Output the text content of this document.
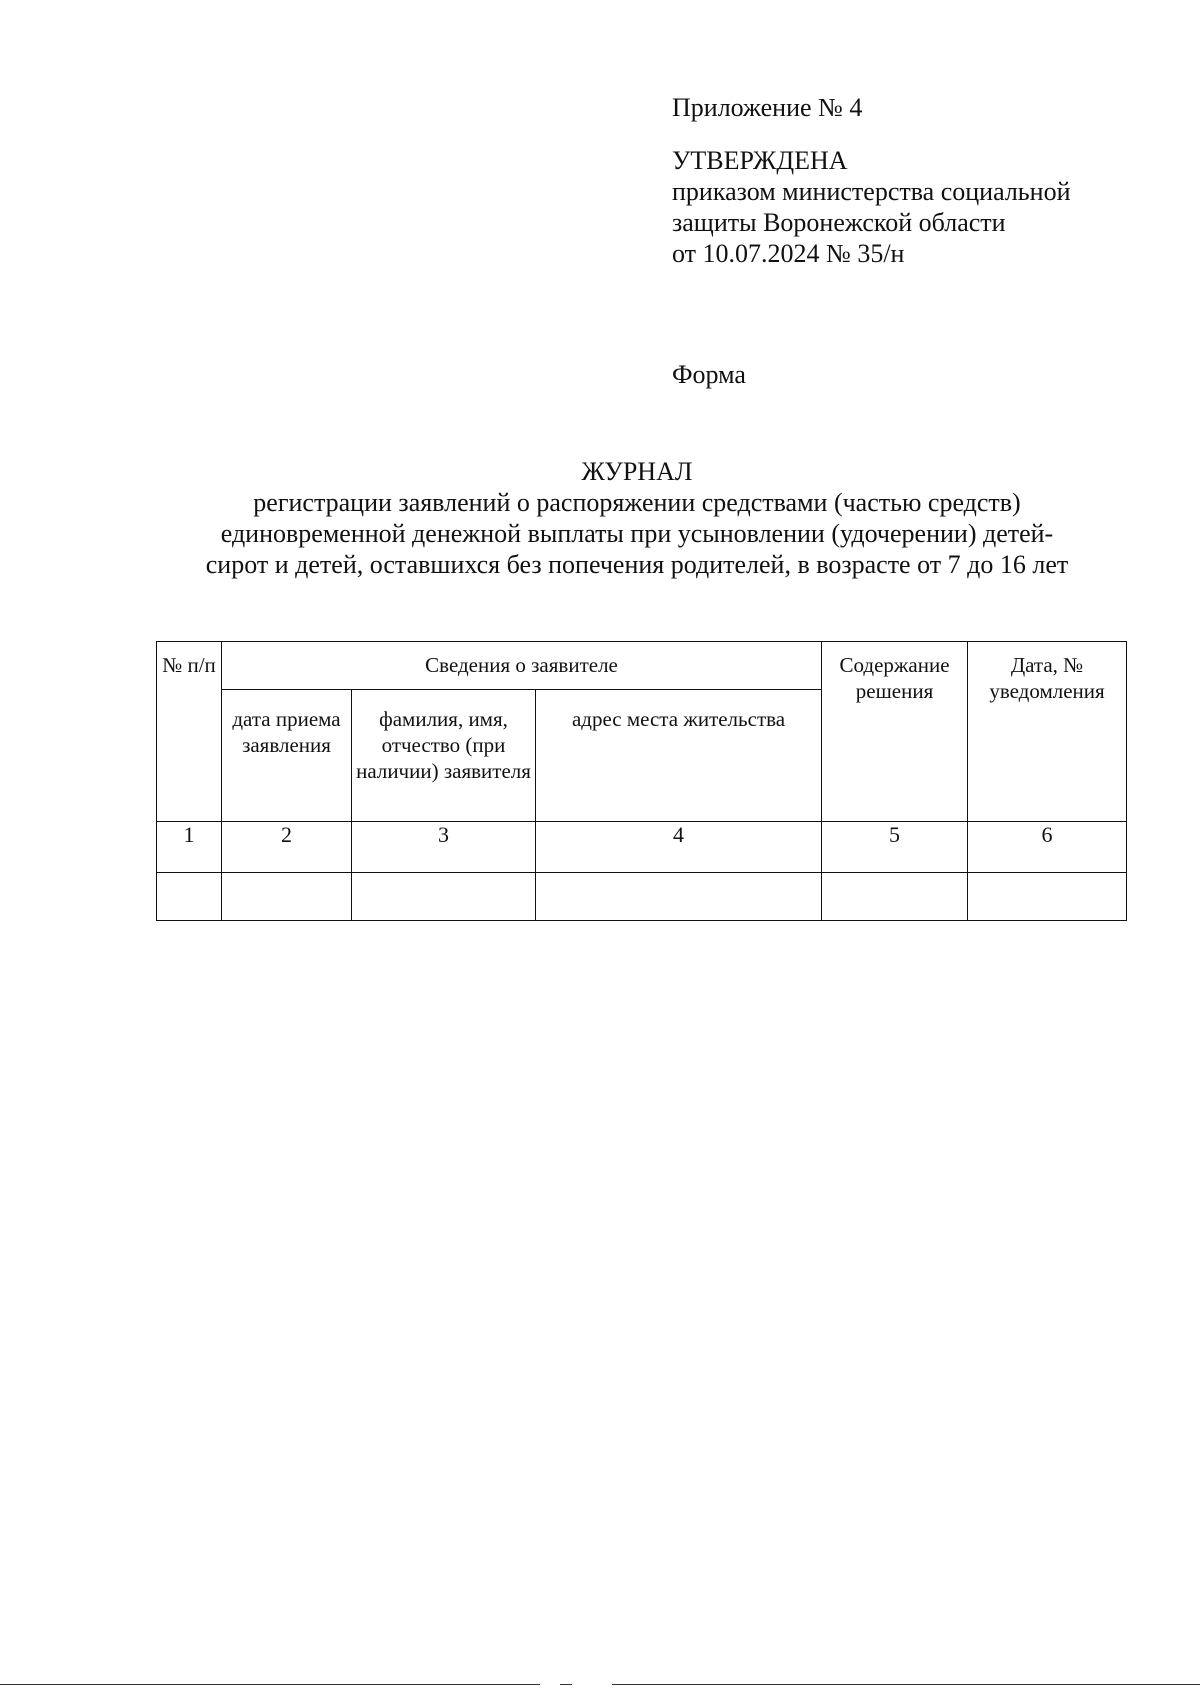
Приложение № 4
УТВЕРЖДЕНА
приказом министерства социальной
защиты Воронежской области
от 10.07.2024 № 35/н
Форма
ЖУРНАЛ
регистрации заявлений о распоряжении средствами (частью средств)
единовременной денежной выплаты при усыновлении (удочерении) детей-
сирот и детей, оставшихся без попечения родителей, в возрасте от 7 до 16 лет
№ п/п	Сведения о заявителе			Содержание решения	Дата, № уведомления
	дата приема заявления	фамилия, имя, отчество (при наличии) заявителя	адрес места жительства		
1	2	3	4	5	6
